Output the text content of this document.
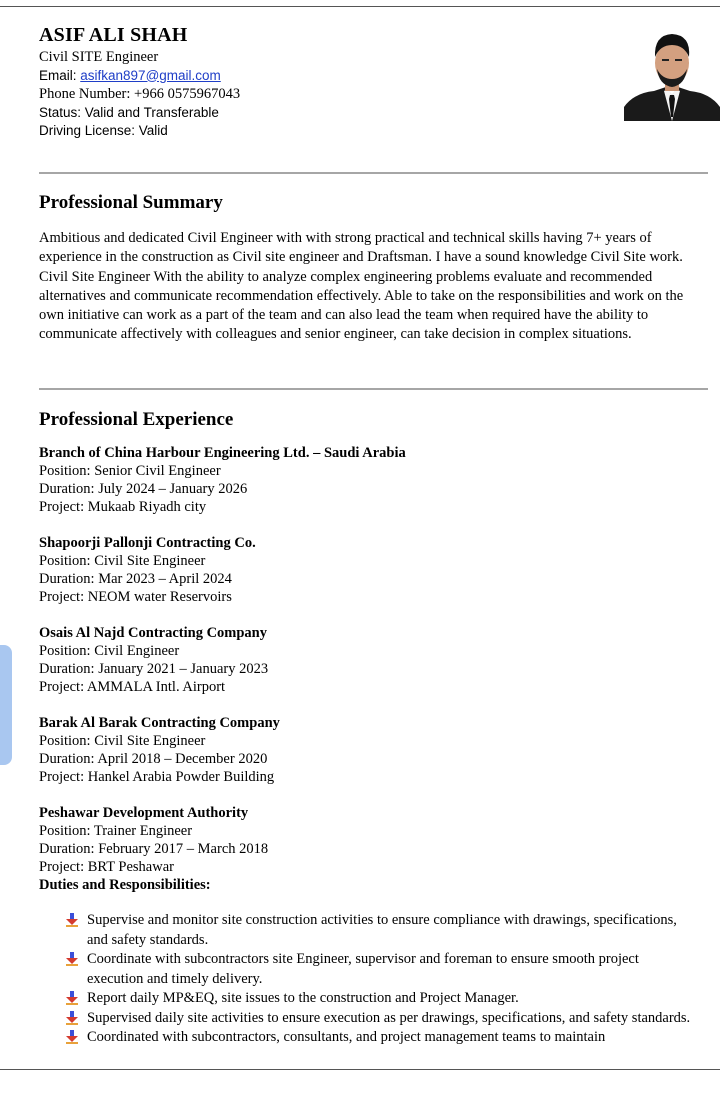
ASIF ALI SHAH
Civil SITE Engineer
Email: asifkan897@gmail.com
Phone Number: +966 0575967043
Status: Valid and Transferable
Driving License: Valid
Professional Summary
Ambitious and dedicated Civil Engineer with with strong practical and technical skills having 7+ years of experience in the construction as Civil site engineer and Draftsman. I have a sound knowledge Civil Site work. Civil Site Engineer With the ability to analyze complex engineering problems evaluate and recommended alternatives and communicate recommendation effectively. Able to take on the responsibilities and work on the own initiative can work as a part of the team and can also lead the team when required have the ability to communicate affectively with colleagues and senior engineer, can take decision in complex situations.
Professional Experience
Branch of China Harbour Engineering Ltd. – Saudi Arabia
Position: Senior Civil Engineer
Duration: July 2024 – January 2026
Project: Mukaab Riyadh city
Shapoorji Pallonji Contracting Co.
Position: Civil Site Engineer
Duration: Mar 2023 – April 2024
Project: NEOM water Reservoirs
Osais Al Najd Contracting Company
Position: Civil Engineer
Duration: January 2021 – January 2023
Project: AMMALA Intl. Airport
Barak Al Barak Contracting Company
Position: Civil Site Engineer
Duration: April 2018 – December 2020
Project: Hankel Arabia Powder Building
Peshawar Development Authority
Position: Trainer Engineer
Duration: February 2017 – March 2018
Project: BRT Peshawar
Duties and Responsibilities:
Supervise and monitor site construction activities to ensure compliance with drawings, specifications, and safety standards.
Coordinate with subcontractors site Engineer, supervisor and foreman to ensure smooth project execution and timely delivery.
Report daily MP&EQ, site issues to the construction and Project Manager.
Supervised daily site activities to ensure execution as per drawings, specifications, and safety standards.
Coordinated with subcontractors, consultants, and project management teams to maintain
